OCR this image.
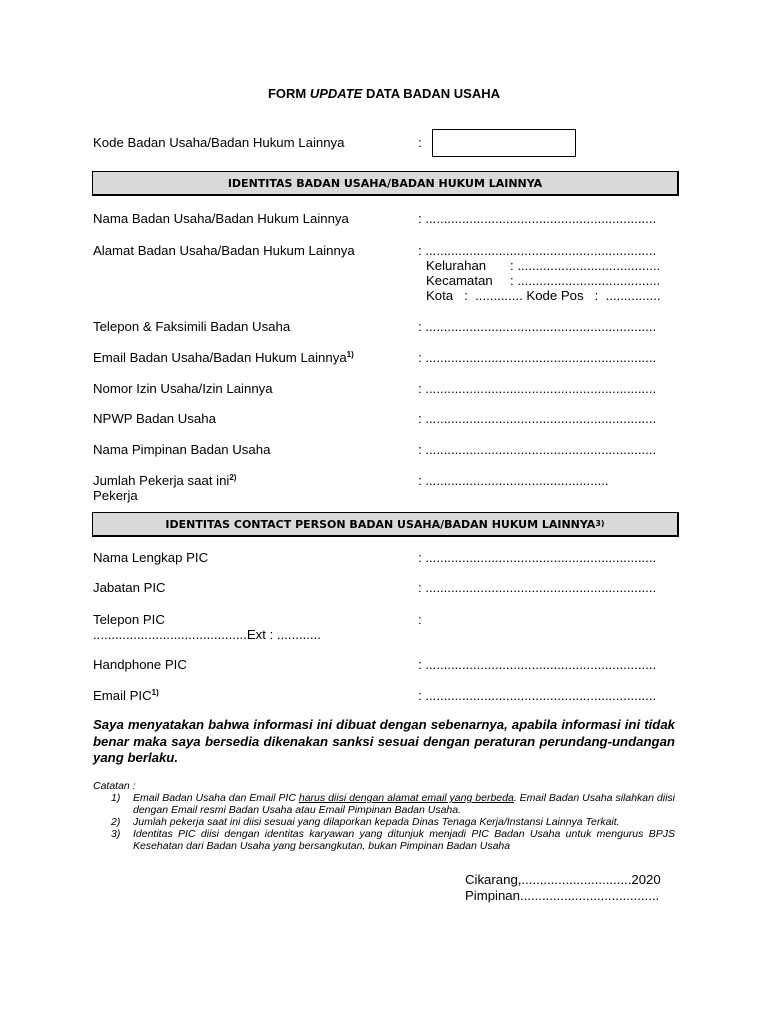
FORM UPDATE DATA BADAN USAHA
Kode Badan Usaha/Badan Hukum Lainnya	:
IDENTITAS BADAN USAHA/BADAN HUKUM LAINNYA
Nama Badan Usaha/Badan Hukum Lainnya	: ...............................................................
Alamat Badan Usaha/Badan Hukum Lainnya	: ...............................................................
Kelurahan : .......................................
Kecamatan : .......................................
Kota   :  ............. Kode Pos   :  ...............
Telepon & Faksimili Badan Usaha	: ...............................................................
Email Badan Usaha/Badan Hukum Lainnya$^{1)}$	: ...............................................................
Nomor Izin Usaha/Izin Lainnya	: ...............................................................
NPWP Badan Usaha	: ...............................................................
Nama Pimpinan Badan Usaha	: ...............................................................
Jumlah Pekerja saat ini$^{2)}$	: ..................................................
Pekerja
IDENTITAS CONTACT PERSON BADAN USAHA/BADAN HUKUM LAINNYA 3)
Nama Lengkap PIC	: ...............................................................
Jabatan PIC	: ...............................................................
Telepon PIC	:
..........................................Ext : ............
Handphone PIC	: ...............................................................
Email PIC$^{1)}$	: ...............................................................
Saya menyatakan bahwa informasi ini dibuat dengan sebenarnya, apabila informasi ini tidak benar maka saya bersedia dikenakan sanksi sesuai dengan peraturan perundang-undangan yang berlaku.
Catatan :
1)	Email Badan Usaha dan Email PIC harus diisi dengan alamat email yang berbeda. Email Badan Usaha silahkan diisi dengan Email resmi Badan Usaha atau Email Pimpinan Badan Usaha.
2)	Jumlah pekerja saat ini diisi sesuai yang dilaporkan kepada Dinas Tenaga Kerja/Instansi Lainnya Terkait.
3)	Identitas PIC diisi dengan identitas karyawan yang ditunjuk menjadi PIC Badan Usaha untuk mengurus BPJS Kesehatan dari Badan Usaha yang bersangkutan, bukan Pimpinan Badan Usaha
Cikarang,..............................2020
Pimpinan......................................
